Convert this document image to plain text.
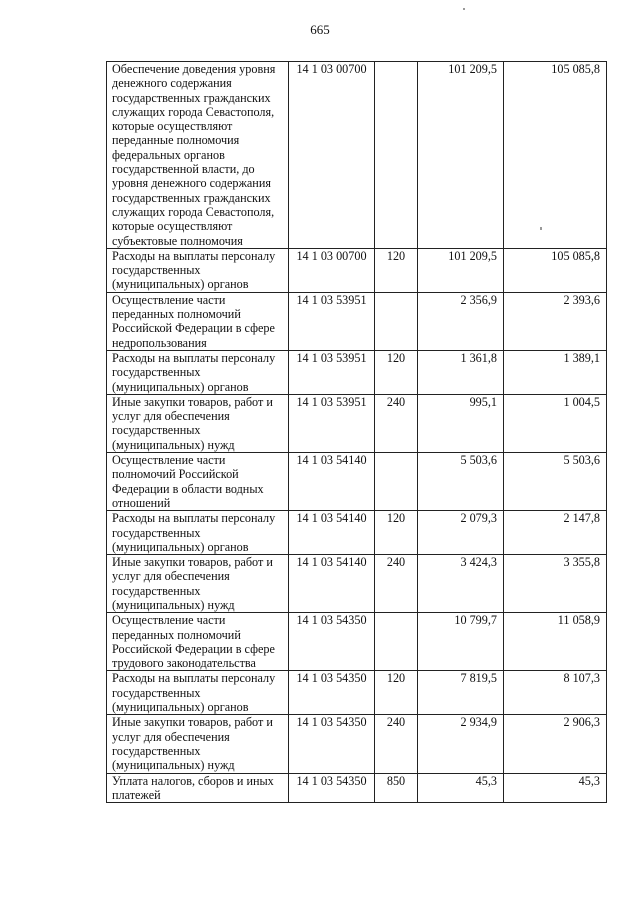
665
Обеспечение доведения уровня денежного содержания государственных гражданских служащих города Севастополя, которые осуществляют переданные полномочия федеральных органов государственной власти, до уровня денежного содержания государственных гражданских служащих города Севастополя, которые осуществляют субъектовые полномочия	14 1 03 00700		101 209,5	105 085,8
Расходы на выплаты персоналу государственных (муниципальных) органов	14 1 03 00700	120	101 209,5	105 085,8
Осуществление части переданных полномочий Российской Федерации в сфере недропользования	14 1 03 53951		2 356,9	2 393,6
Расходы на выплаты персоналу государственных (муниципальных) органов	14 1 03 53951	120	1 361,8	1 389,1
Иные закупки товаров, работ и услуг для обеспечения государственных (муниципальных) нужд	14 1 03 53951	240	995,1	1 004,5
Осуществление части полномочий Российской Федерации в области водных отношений	14 1 03 54140		5 503,6	5 503,6
Расходы на выплаты персоналу государственных (муниципальных) органов	14 1 03 54140	120	2 079,3	2 147,8
Иные закупки товаров, работ и услуг для обеспечения государственных (муниципальных) нужд	14 1 03 54140	240	3 424,3	3 355,8
Осуществление части переданных полномочий Российской Федерации в сфере трудового законодательства	14 1 03 54350		10 799,7	11 058,9
Расходы на выплаты персоналу государственных (муниципальных) органов	14 1 03 54350	120	7 819,5	8 107,3
Иные закупки товаров, работ и услуг для обеспечения государственных (муниципальных) нужд	14 1 03 54350	240	2 934,9	2 906,3
Уплата налогов, сборов и иных платежей	14 1 03 54350	850	45,3	45,3
